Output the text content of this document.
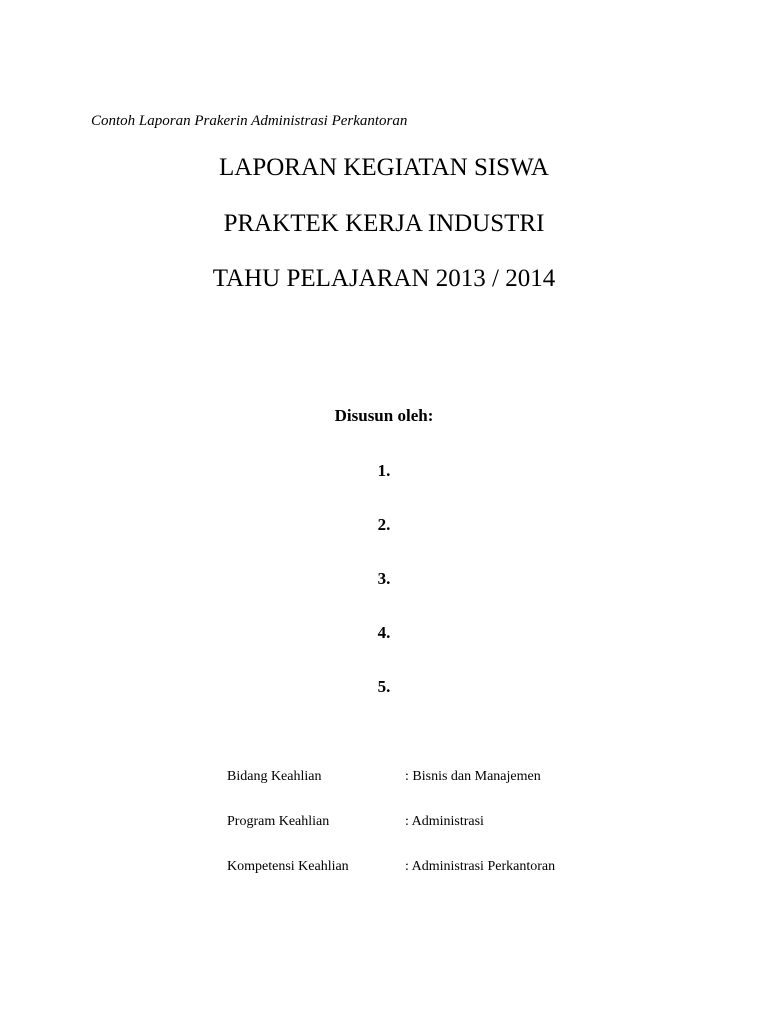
Contoh Laporan Prakerin Administrasi Perkantoran
LAPORAN KEGIATAN SISWA
PRAKTEK KERJA INDUSTRI
TAHU PELAJARAN 2013 / 2014
Disusun oleh:
1.
2.
3.
4.
5.
Bidang Keahlian	: Bisnis dan Manajemen
Program Keahlian	: Administrasi
Kompetensi Keahlian	: Administrasi Perkantoran
